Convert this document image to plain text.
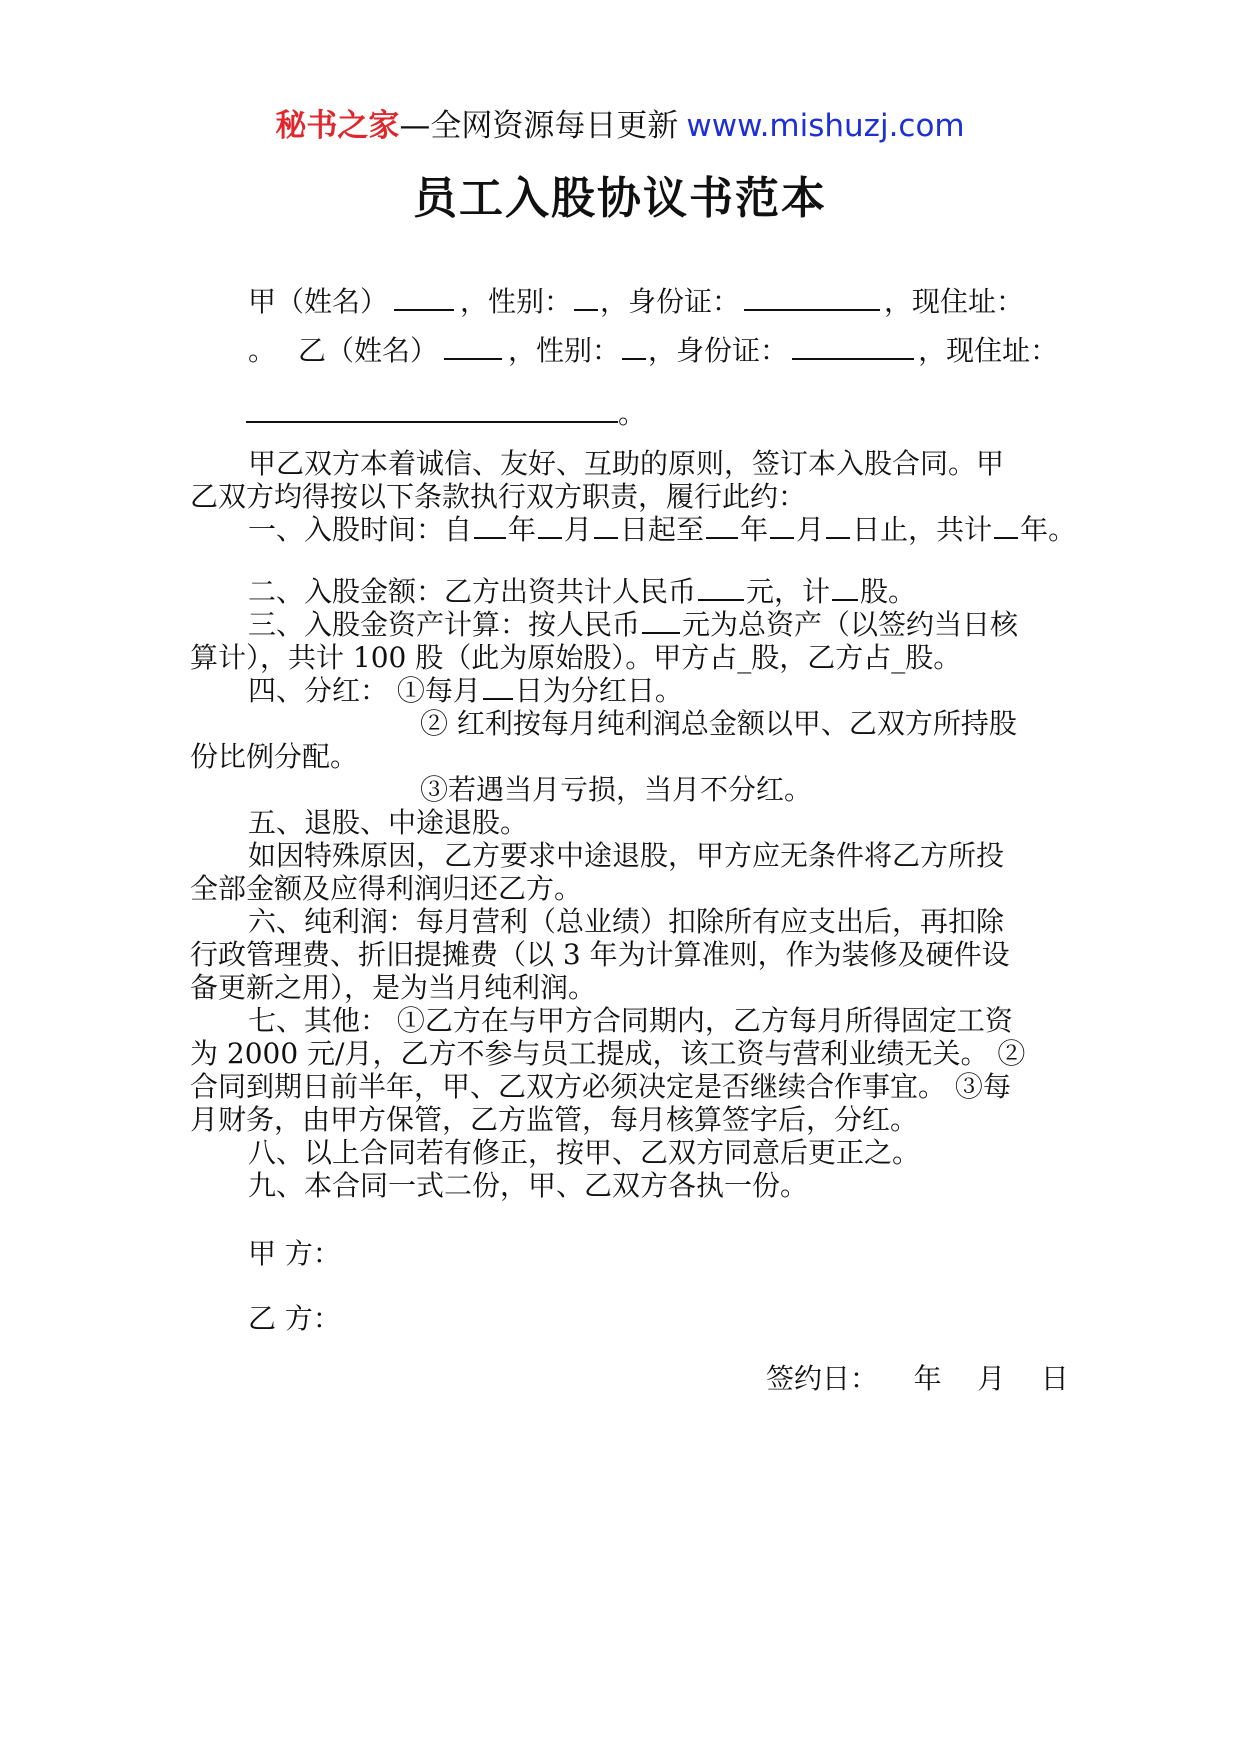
秘书之家—全网资源每日更新 www.mishuzj.com
员工入股协议书范本
甲（姓名）	，性别： ，身份证：	，现住址：
。 乙（姓名）	，性别： ，身份证：	，现住址：
。
甲乙双方本着诚信、友好、互助的原则，签订本入股合同。甲
乙双方均得按以下条款执行双方职责，履行此约：
一、入股时间：自 年 月 日起至 年 月 日止，共计 年。
二、入股金额：乙方出资共计人民币 元，计 股。
三、入股金资产计算：按人民币 元为总资产（以签约当日核
算计），共计 100 股（此为原始股）。甲方占_股，乙方占_股。
四、分红： ①每月 日为分红日。
② 红利按每月纯利润总金额以甲、乙双方所持股
份比例分配。
③若遇当月亏损，当月不分红。
五、退股、中途退股。
如因特殊原因，乙方要求中途退股，甲方应无条件将乙方所投
全部金额及应得利润归还乙方。
六、纯利润：每月营利（总业绩）扣除所有应支出后，再扣除
行政管理费、折旧提摊费（以 3 年为计算准则，作为装修及硬件设
备更新之用），是为当月纯利润。
七、其他： ①乙方在与甲方合同期内，乙方每月所得固定工资
为 2000 元/月，乙方不参与员工提成，该工资与营利业绩无关。 ②
合同到期日前半年，甲、乙双方必须决定是否继续合作事宜。 ③每
月财务，由甲方保管，乙方监管，每月核算签字后，分红。
八、以上合同若有修正，按甲、乙双方同意后更正之。
九、本合同一式二份，甲、乙双方各执一份。
甲 方：
乙 方：
签约日：    年    月    日
